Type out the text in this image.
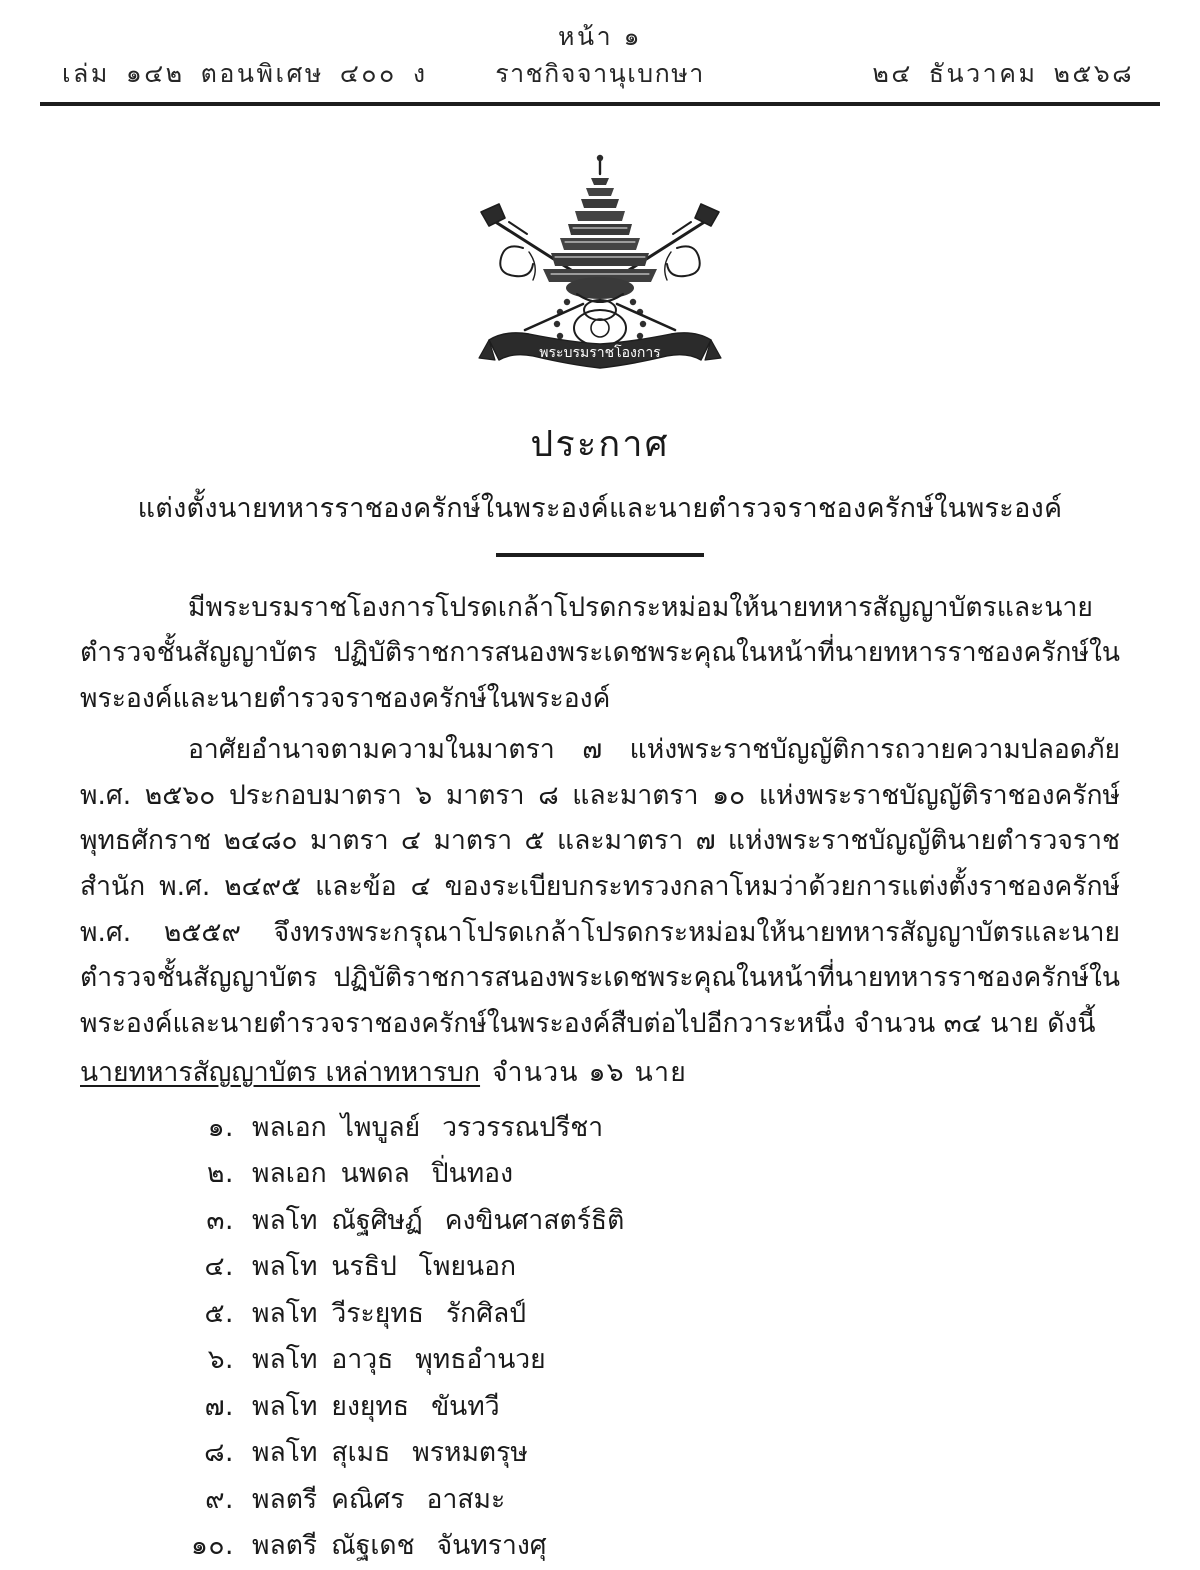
หน้า ๑
เล่ม ๑๔๒ ตอนพิเศษ ๔๐๐ ง	ราชกิจจานุเบกษา	๒๔ ธันวาคม ๒๕๖๘
พระบรมราชโองการ
ประกาศ
แต่งตั้งนายทหารราชองครักษ์ในพระองค์และนายตำรวจราชองครักษ์ในพระองค์

มีพระบรมราชโองการโปรดเกล้าโปรดกระหม่อมให้นายทหารสัญญาบัตรและนายตำรวจชั้นสัญญาบัตร ปฏิบัติราชการสนองพระเดชพระคุณในหน้าที่นายทหารราชองครักษ์ในพระองค์และนายตำรวจราชองครักษ์ในพระองค์

อาศัยอำนาจตามความในมาตรา ๗ แห่งพระราชบัญญัติการถวายความปลอดภัย พ.ศ. ๒๕๖๐ ประกอบมาตรา ๖ มาตรา ๘ และมาตรา ๑๐ แห่งพระราชบัญญัติราชองครักษ์ พุทธศักราช ๒๔๘๐ มาตรา ๔ มาตรา ๕ และมาตรา ๗ แห่งพระราชบัญญัตินายตำรวจราชสำนัก พ.ศ. ๒๔๙๕ และข้อ ๔ ของระเบียบกระทรวงกลาโหมว่าด้วยการแต่งตั้งราชองครักษ์ พ.ศ. ๒๕๕๙ จึงทรงพระกรุณาโปรดเกล้าโปรดกระหม่อมให้นายทหารสัญญาบัตรและนายตำรวจชั้นสัญญาบัตร ปฏิบัติราชการสนองพระเดชพระคุณในหน้าที่นายทหารราชองครักษ์ในพระองค์และนายตำรวจราชองครักษ์ในพระองค์สืบต่อไปอีกวาระหนึ่ง จำนวน ๓๔ นาย ดังนี้

นายทหารสัญญาบัตร เหล่าทหารบก จำนวน ๑๖ นาย
๑. พลเอก ไพบูลย์ วรวรรณปรีชา
๒. พลเอก นพดล ปิ่นทอง
๓. พลโท ณัฐศิษฏ์ คงขินศาสตร์ธิติ
๔. พลโท นรธิป โพยนอก
๕. พลโท วีระยุทธ รักศิลป์
๖. พลโท อาวุธ พุทธอำนวย
๗. พลโท ยงยุทธ ขันทวี
๘. พลโท สุเมธ พรหมตรุษ
๙. พลตรี คณิศร อาสมะ
๑๐. พลตรี ณัฐเดช จันทรางศุ
